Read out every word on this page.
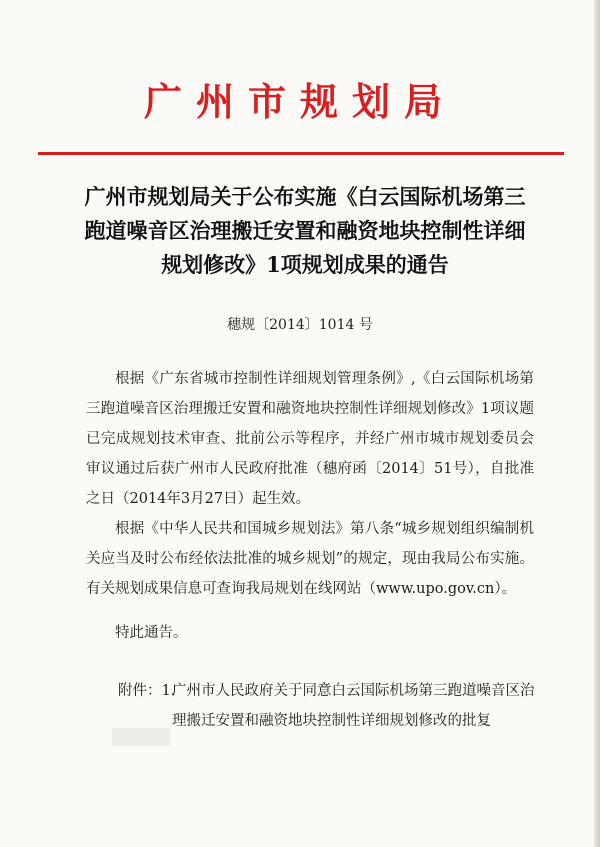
广州市规划局
广州市规划局关于公布实施《白云国际机场第三跑道噪音区治理搬迁安置和融资地块控制性详细规划修改》1项规划成果的通告
穗规〔2014〕1014 号
根据《广东省城市控制性详细规划管理条例》,《白云国际机场第三跑道噪音区治理搬迁安置和融资地块控制性详细规划修改》1项议题已完成规划技术审查、批前公示等程序，并经广州市城市规划委员会审议通过后获广州市人民政府批准（穗府函〔2014〕51号），自批准之日（2014年3月27日）起生效。
根据《中华人民共和国城乡规划法》第八条“城乡规划组织编制机关应当及时公布经依法批准的城乡规划”的规定，现由我局公布实施。有关规划成果信息可查询我局规划在线网站（www.upo.gov.cn）。
特此通告。
附件：1.
广州市人民政府关于同意白云国际机场第三跑道噪音区治理搬迁安置和融资地块控制性详细规划修改的批复
